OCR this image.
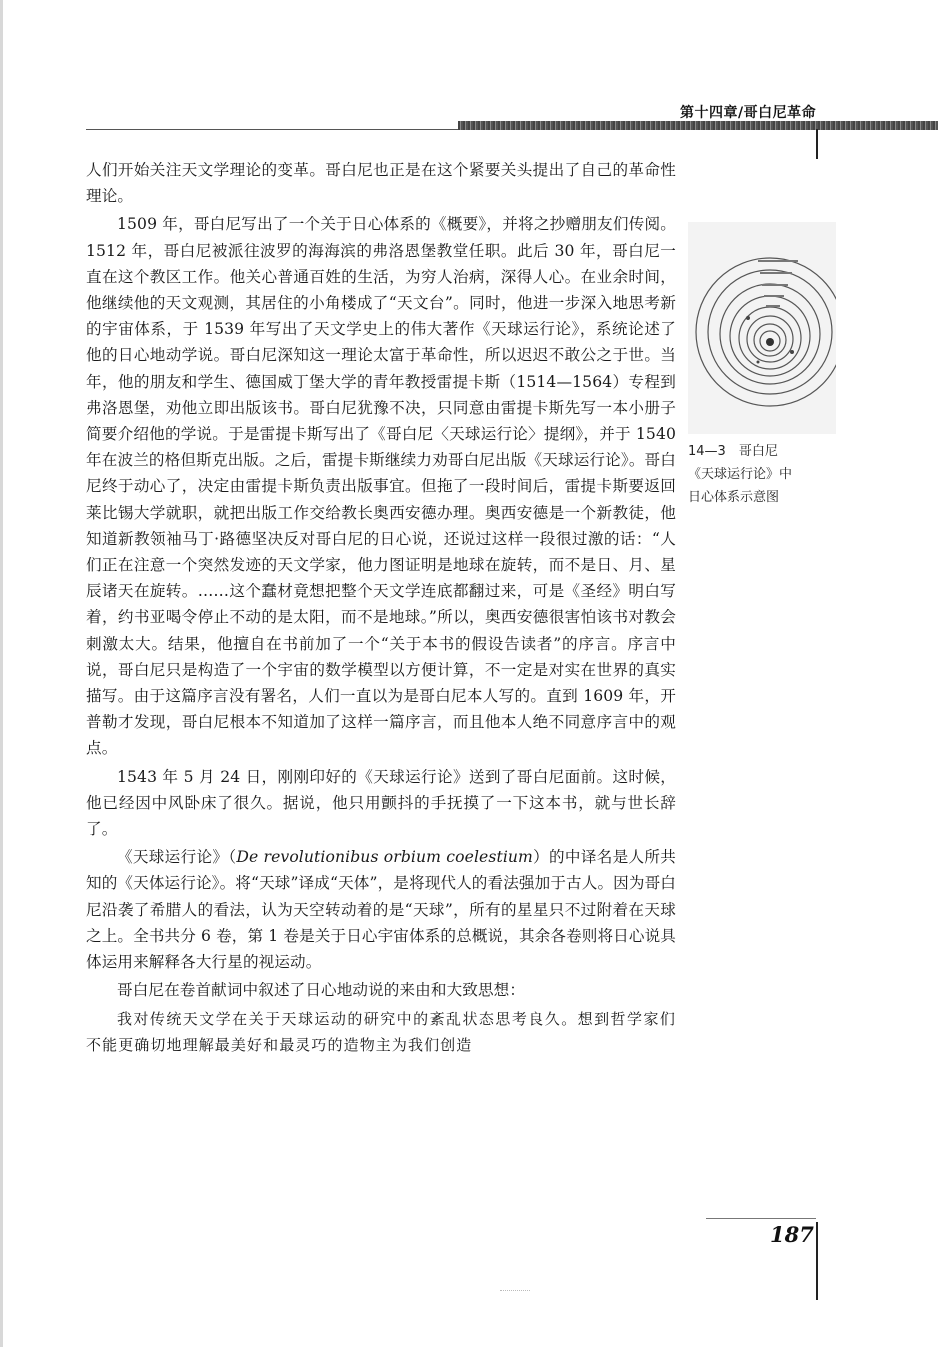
第十四章/哥白尼革命

人们开始关注天文学理论的变革。哥白尼也正是在这个紧要关头提出了自己的革命性理论。

1509 年，哥白尼写出了一个关于日心体系的《概要》，并将之抄赠朋友们传阅。1512 年，哥白尼被派往波罗的海海滨的弗洛恩堡教堂任职。此后 30 年，哥白尼一直在这个教区工作。他关心普通百姓的生活，为穷人治病，深得人心。在业余时间，他继续他的天文观测，其居住的小角楼成了“天文台”。同时，他进一步深入地思考新的宇宙体系，于 1539 年写出了天文学史上的伟大著作《天球运行论》，系统论述了他的日心地动学说。哥白尼深知这一理论太富于革命性，所以迟迟不敢公之于世。当年，他的朋友和学生、德国威丁堡大学的青年教授雷提卡斯（1514—1564）专程到弗洛恩堡，劝他立即出版该书。哥白尼犹豫不决，只同意由雷提卡斯先写一本小册子简要介绍他的学说。于是雷提卡斯写出了《哥白尼〈天球运行论〉提纲》，并于 1540 年在波兰的格但斯克出版。之后，雷提卡斯继续力劝哥白尼出版《天球运行论》。哥白尼终于动心了，决定由雷提卡斯负责出版事宜。但拖了一段时间后，雷提卡斯要返回莱比锡大学就职，就把出版工作交给教长奥西安德办理。奥西安德是一个新教徒，他知道新教领袖马丁·路德坚决反对哥白尼的日心说，还说过这样一段很过激的话：“人们正在注意一个突然发迹的天文学家，他力图证明是地球在旋转，而不是日、月、星辰诸天在旋转。……这个蠢材竟想把整个天文学连底都翻过来，可是《圣经》明白写着，约书亚喝令停止不动的是太阳，而不是地球。”所以，奥西安德很害怕该书对教会刺激太大。结果，他擅自在书前加了一个“关于本书的假设告读者”的序言。序言中说，哥白尼只是构造了一个宇宙的数学模型以方便计算，不一定是对实在世界的真实描写。由于这篇序言没有署名，人们一直以为是哥白尼本人写的。直到 1609 年，开普勒才发现，哥白尼根本不知道加了这样一篇序言，而且他本人绝不同意序言中的观点。

1543 年 5 月 24 日，刚刚印好的《天球运行论》送到了哥白尼面前。这时候，他已经因中风卧床了很久。据说，他只用颤抖的手抚摸了一下这本书，就与世长辞了。

《天球运行论》（De revolutionibus orbium coelestium）的中译名是人所共知的《天体运行论》。将“天球”译成“天体”，是将现代人的看法强加于古人。因为哥白尼沿袭了希腊人的看法，认为天空转动着的是“天球”，所有的星星只不过附着在天球之上。全书共分 6 卷，第 1 卷是关于日心宇宙体系的总概说，其余各卷则将日心说具体运用来解释各大行星的视运动。

哥白尼在卷首献词中叙述了日心地动说的来由和大致思想：

我对传统天文学在关于天球运动的研究中的紊乱状态思考良久。想到哲学家们不能更确切地理解最美好和最灵巧的造物主为我们创造

14—3　哥白尼
《天球运行论》中
日心体系示意图
187
